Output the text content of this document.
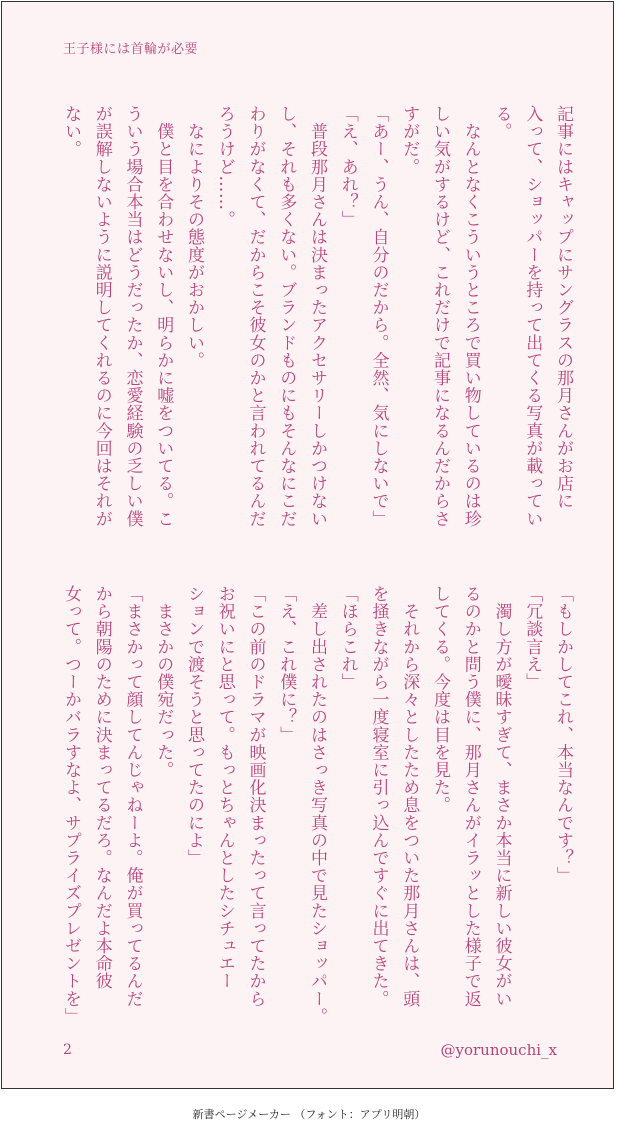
王子様には首輪が必要
記事にはキャップにサングラスの那月さんがお店に
入って、ショッパーを持って出てくる写真が載ってい
る。
　なんとなくこういうところで買い物しているのは珍
しい気がするけど、これだけで記事になるんだからさ
すがだ。
「あー、うん、自分のだから。全然、気にしないで」
「え、あれ？」
　普段那月さんは決まったアクセサリーしかつけない
し、それも多くない。ブランドものにもそんなにこだ
わりがなくて、だからこそ彼女のかと言われてるんだ
ろうけど……。
　なによりその態度がおかしい。
　僕と目を合わせないし、明らかに嘘をついてる。こ
ういう場合本当はどうだったか、恋愛経験の乏しい僕
が誤解しないように説明してくれるのに今回はそれが
ない。
「もしかしてこれ、本当なんです？」
「冗談言え」
　濁し方が曖昧すぎて、まさか本当に新しい彼女がい
るのかと問う僕に、那月さんがイラッとした様子で返
してくる。今度は目を見た。
　それから深々としたため息をついた那月さんは、頭
を掻きながら一度寝室に引っ込んですぐに出てきた。
「ほらこれ」
　差し出されたのはさっき写真の中で見たショッパー。
「え、これ僕に？」
「この前のドラマが映画化決まったって言ってたから
お祝いにと思って。もっとちゃんとしたシチュエー
ションで渡そうと思ってたのによ」
　まさかの僕宛だった。
「まさかって顔してんじゃねーよ。俺が買ってるんだ
から朝陽のために決まってるだろ。なんだよ本命彼
女って。つーかバラすなよ、サプライズプレゼントを」
2	@yorunouchi_x
新書ページメーカー （フォント：アプリ明朝）
